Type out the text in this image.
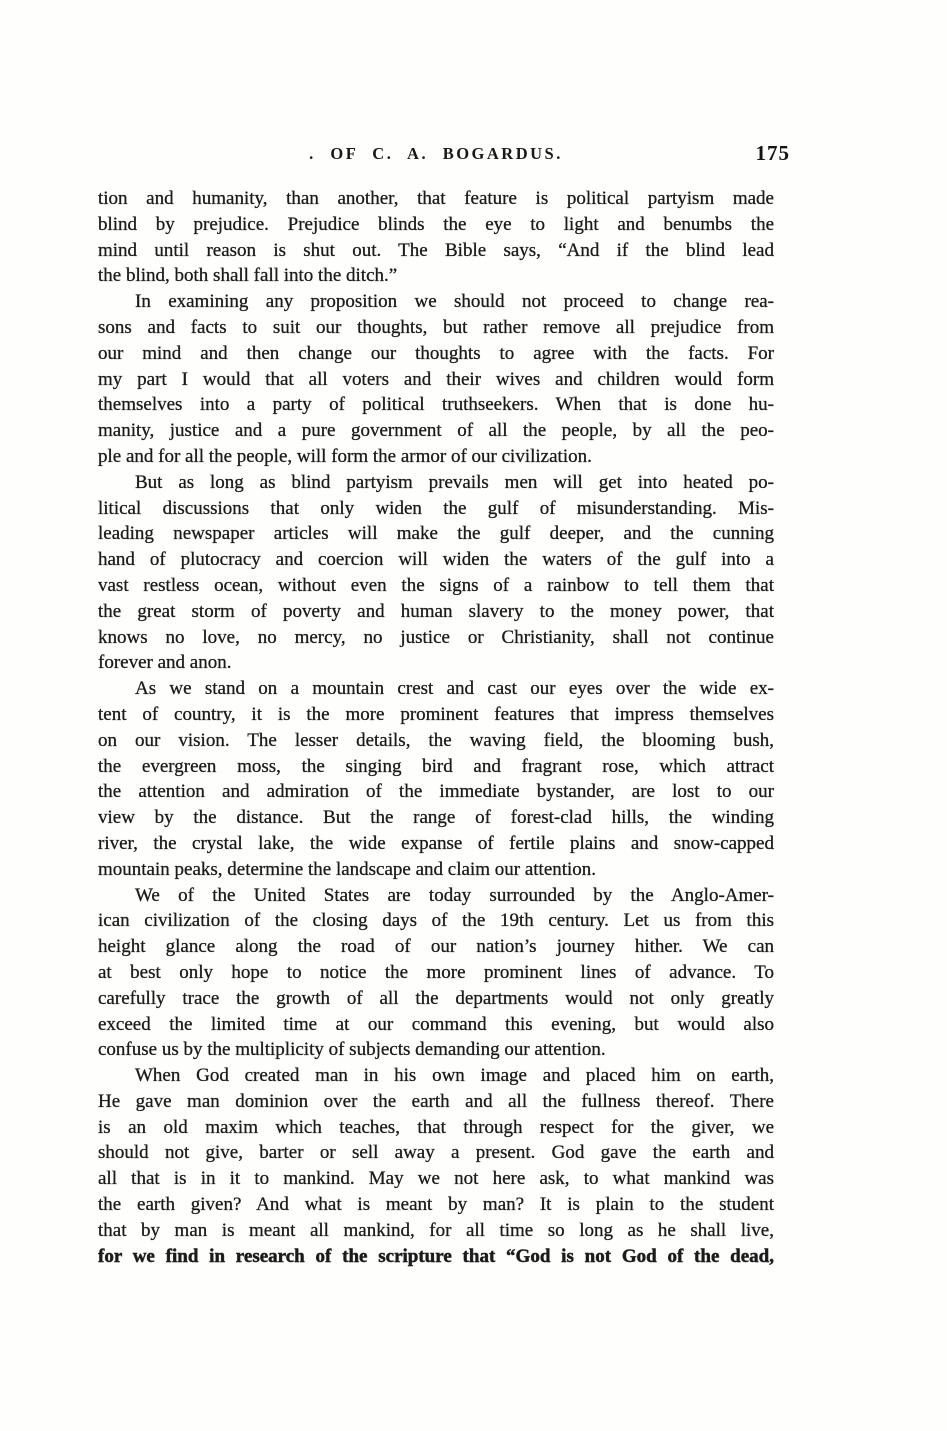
. OF C. A. BOGARDUS.	175
tion and humanity, than another, that feature is political partyism made
blind by prejudice. Prejudice blinds the eye to light and benumbs the
mind until reason is shut out. The Bible says, “And if the blind lead
the blind, both shall fall into the ditch.”
In examining any proposition we should not proceed to change rea-
sons and facts to suit our thoughts, but rather remove all prejudice from
our mind and then change our thoughts to agree with the facts. For
my part I would that all voters and their wives and children would form
themselves into a party of political truthseekers. When that is done hu-
manity, justice and a pure government of all the people, by all the peo-
ple and for all the people, will form the armor of our civilization.
But as long as blind partyism prevails men will get into heated po-
litical discussions that only widen the gulf of misunderstanding. Mis-
leading newspaper articles will make the gulf deeper, and the cunning
hand of plutocracy and coercion will widen the waters of the gulf into a
vast restless ocean, without even the signs of a rainbow to tell them that
the great storm of poverty and human slavery to the money power, that
knows no love, no mercy, no justice or Christianity, shall not continue
forever and anon.
As we stand on a mountain crest and cast our eyes over the wide ex-
tent of country, it is the more prominent features that impress themselves
on our vision. The lesser details, the waving field, the blooming bush,
the evergreen moss, the singing bird and fragrant rose, which attract
the attention and admiration of the immediate bystander, are lost to our
view by the distance. But the range of forest-clad hills, the winding
river, the crystal lake, the wide expanse of fertile plains and snow-capped
mountain peaks, determine the landscape and claim our attention.
We of the United States are today surrounded by the Anglo-Amer-
ican civilization of the closing days of the 19th century. Let us from this
height glance along the road of our nation’s journey hither. We can
at best only hope to notice the more prominent lines of advance. To
carefully trace the growth of all the departments would not only greatly
exceed the limited time at our command this evening, but would also
confuse us by the multiplicity of subjects demanding our attention.
When God created man in his own image and placed him on earth,
He gave man dominion over the earth and all the fullness thereof. There
is an old maxim which teaches, that through respect for the giver, we
should not give, barter or sell away a present. God gave the earth and
all that is in it to mankind. May we not here ask, to what mankind was
the earth given? And what is meant by man? It is plain to the student
that by man is meant all mankind, for all time so long as he shall live,
for we find in research of the scripture that “God is not God of the dead,
